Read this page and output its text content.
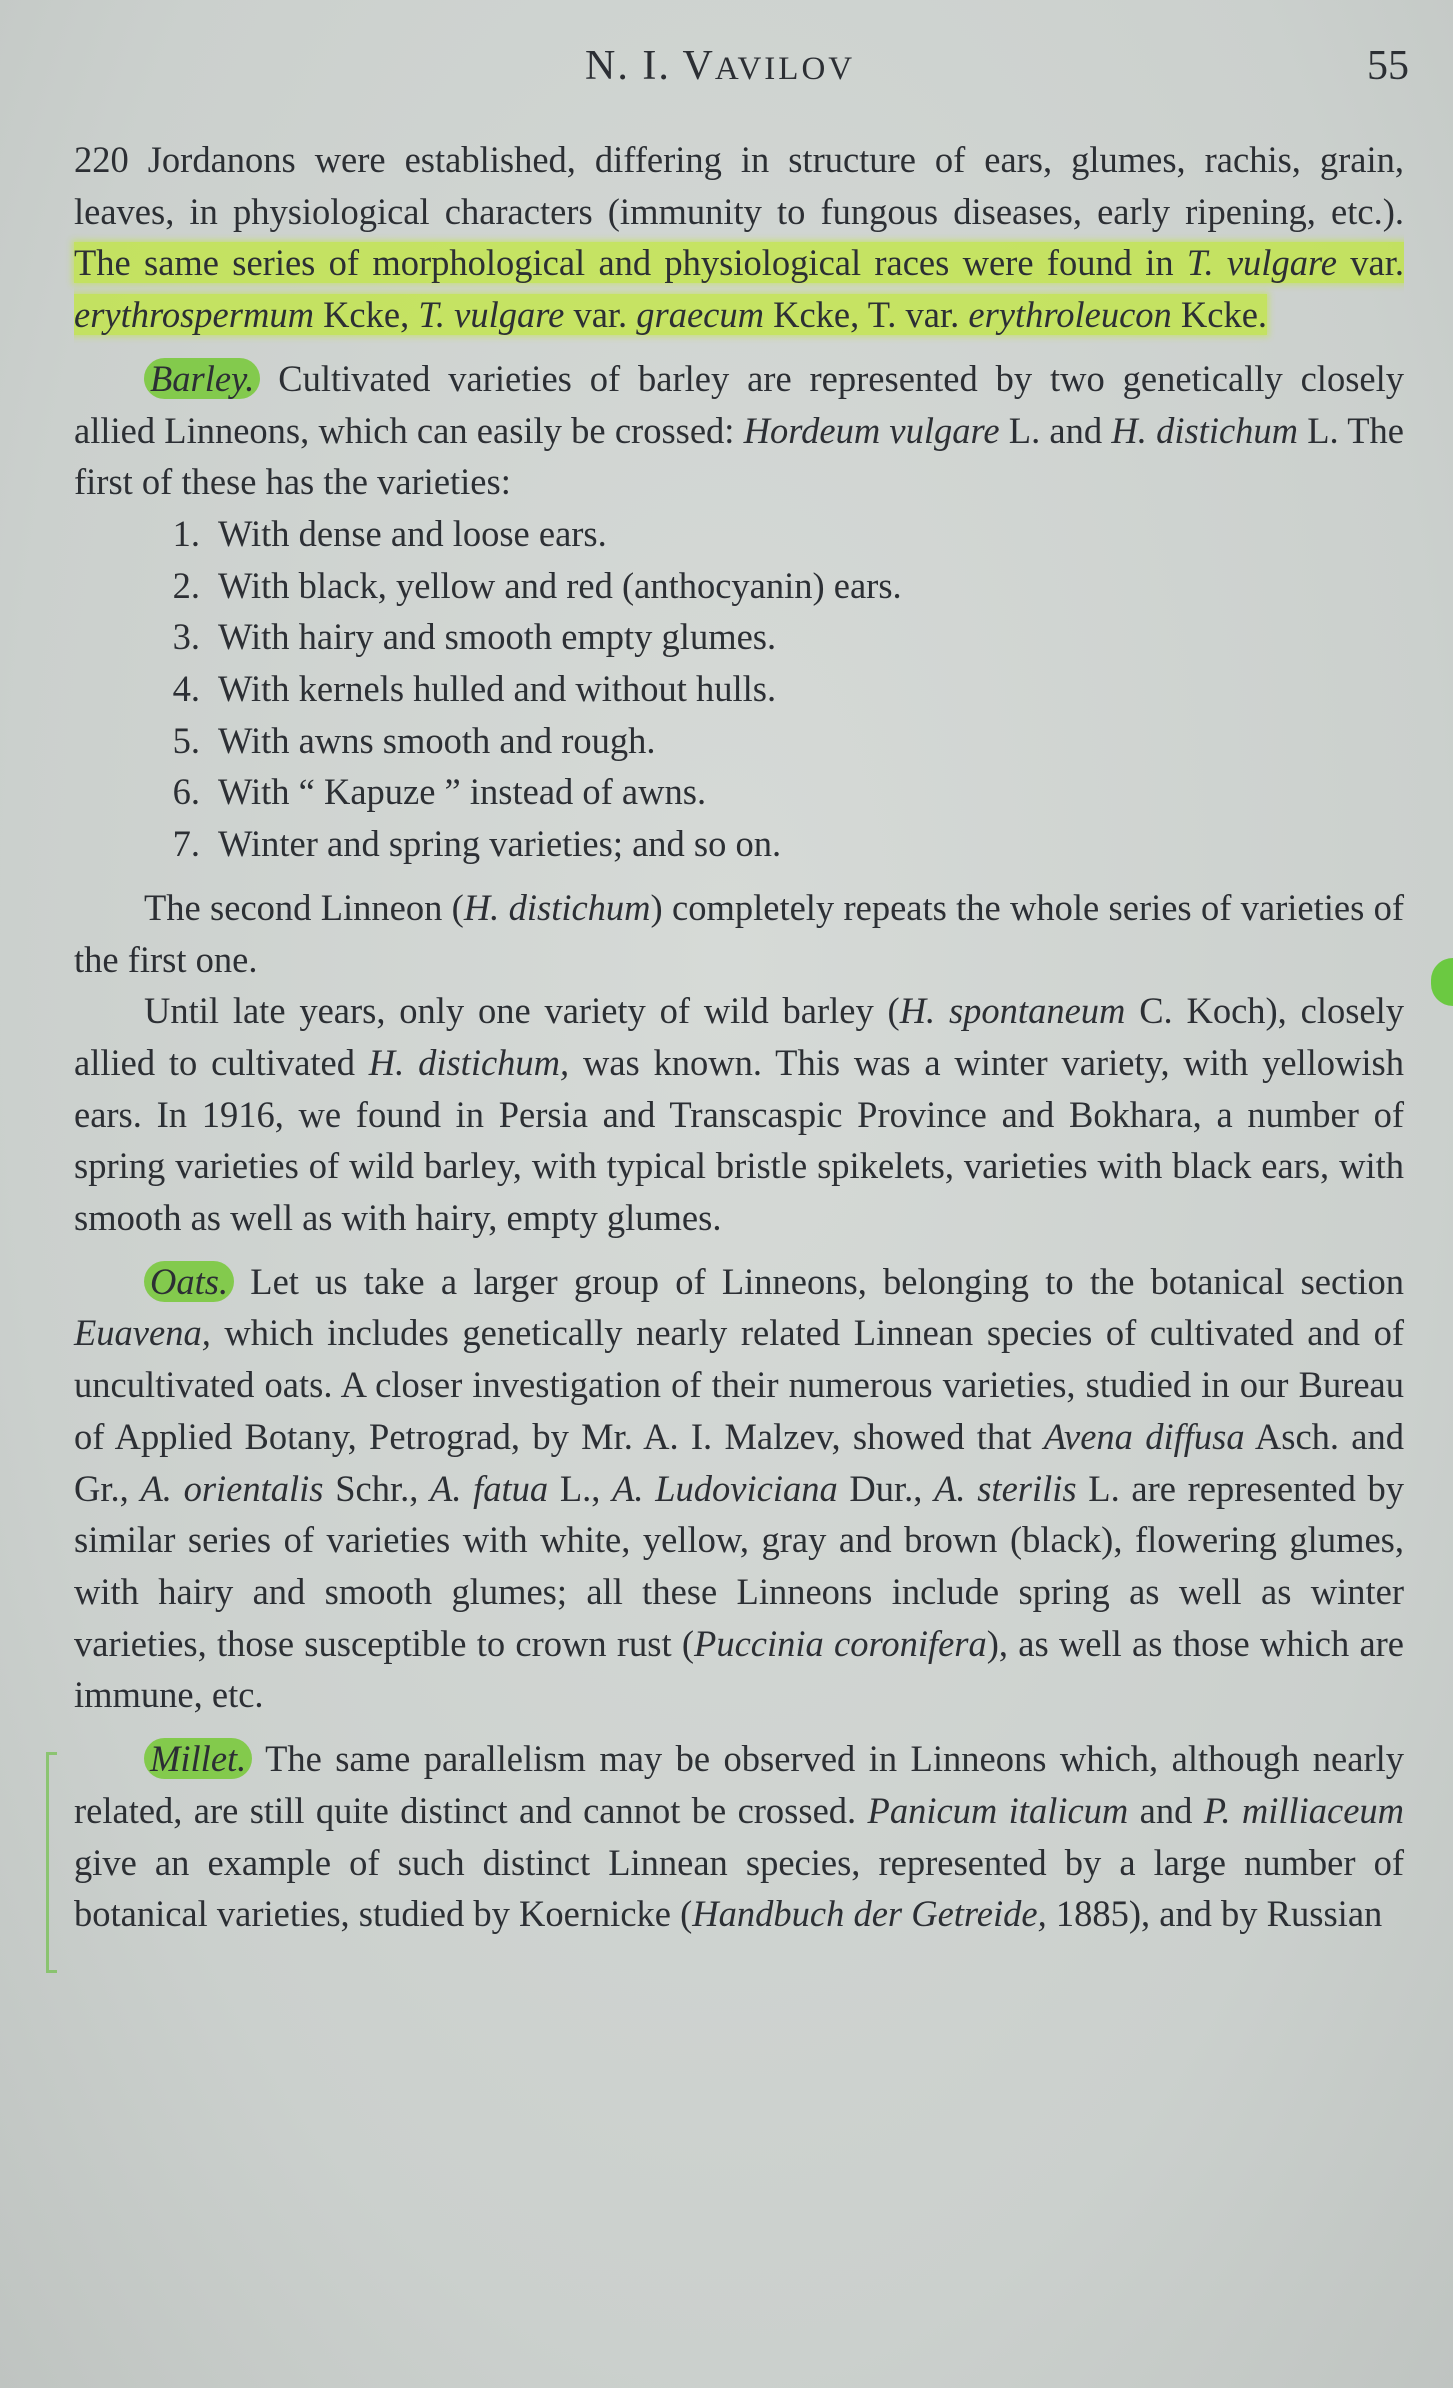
N. I. VAVILOV	55

220 Jordanons were established, differing in structure of ears, glumes, rachis, grain, leaves, in physiological characters (immunity to fungous diseases, early ripening, etc.). The same series of morphological and physiological races were found in T. vulgare var. erythrospermum Kcke, T. vulgare var. graecum Kcke, T. var. erythroleucon Kcke.

Barley. Cultivated varieties of barley are represented by two genetically closely allied Linneons, which can easily be crossed: Hordeum vulgare L. and H. distichum L. The first of these has the varieties:

1. With dense and loose ears.
2. With black, yellow and red (anthocyanin) ears.
3. With hairy and smooth empty glumes.
4. With kernels hulled and without hulls.
5. With awns smooth and rough.
6. With “ Kapuze ” instead of awns.
7. Winter and spring varieties; and so on.

The second Linneon (H. distichum) completely repeats the whole series of varieties of the first one.

Until late years, only one variety of wild barley (H. spontaneum C. Koch), closely allied to cultivated H. distichum, was known. This was a winter variety, with yellowish ears. In 1916, we found in Persia and Transcaspic Province and Bokhara, a number of spring varieties of wild barley, with typical bristle spikelets, varieties with black ears, with smooth as well as with hairy, empty glumes.

Oats. Let us take a larger group of Linneons, belonging to the botanical section Euavena, which includes genetically nearly related Linnean species of cultivated and of uncultivated oats. A closer investigation of their numerous varieties, studied in our Bureau of Applied Botany, Petrograd, by Mr. A. I. Malzev, showed that Avena diffusa Asch. and Gr., A. orientalis Schr., A. fatua L., A. Ludoviciana Dur., A. sterilis L. are represented by similar series of varieties with white, yellow, gray and brown (black), flowering glumes, with hairy and smooth glumes; all these Linneons include spring as well as winter varieties, those susceptible to crown rust (Puccinia coronifera), as well as those which are immune, etc.

Millet. The same parallelism may be observed in Linneons which, although nearly related, are still quite distinct and cannot be crossed. Panicum italicum and P. milliaceum give an example of such distinct Linnean species, represented by a large number of botanical varieties, studied by Koernicke (Handbuch der Getreide, 1885), and by Russian
